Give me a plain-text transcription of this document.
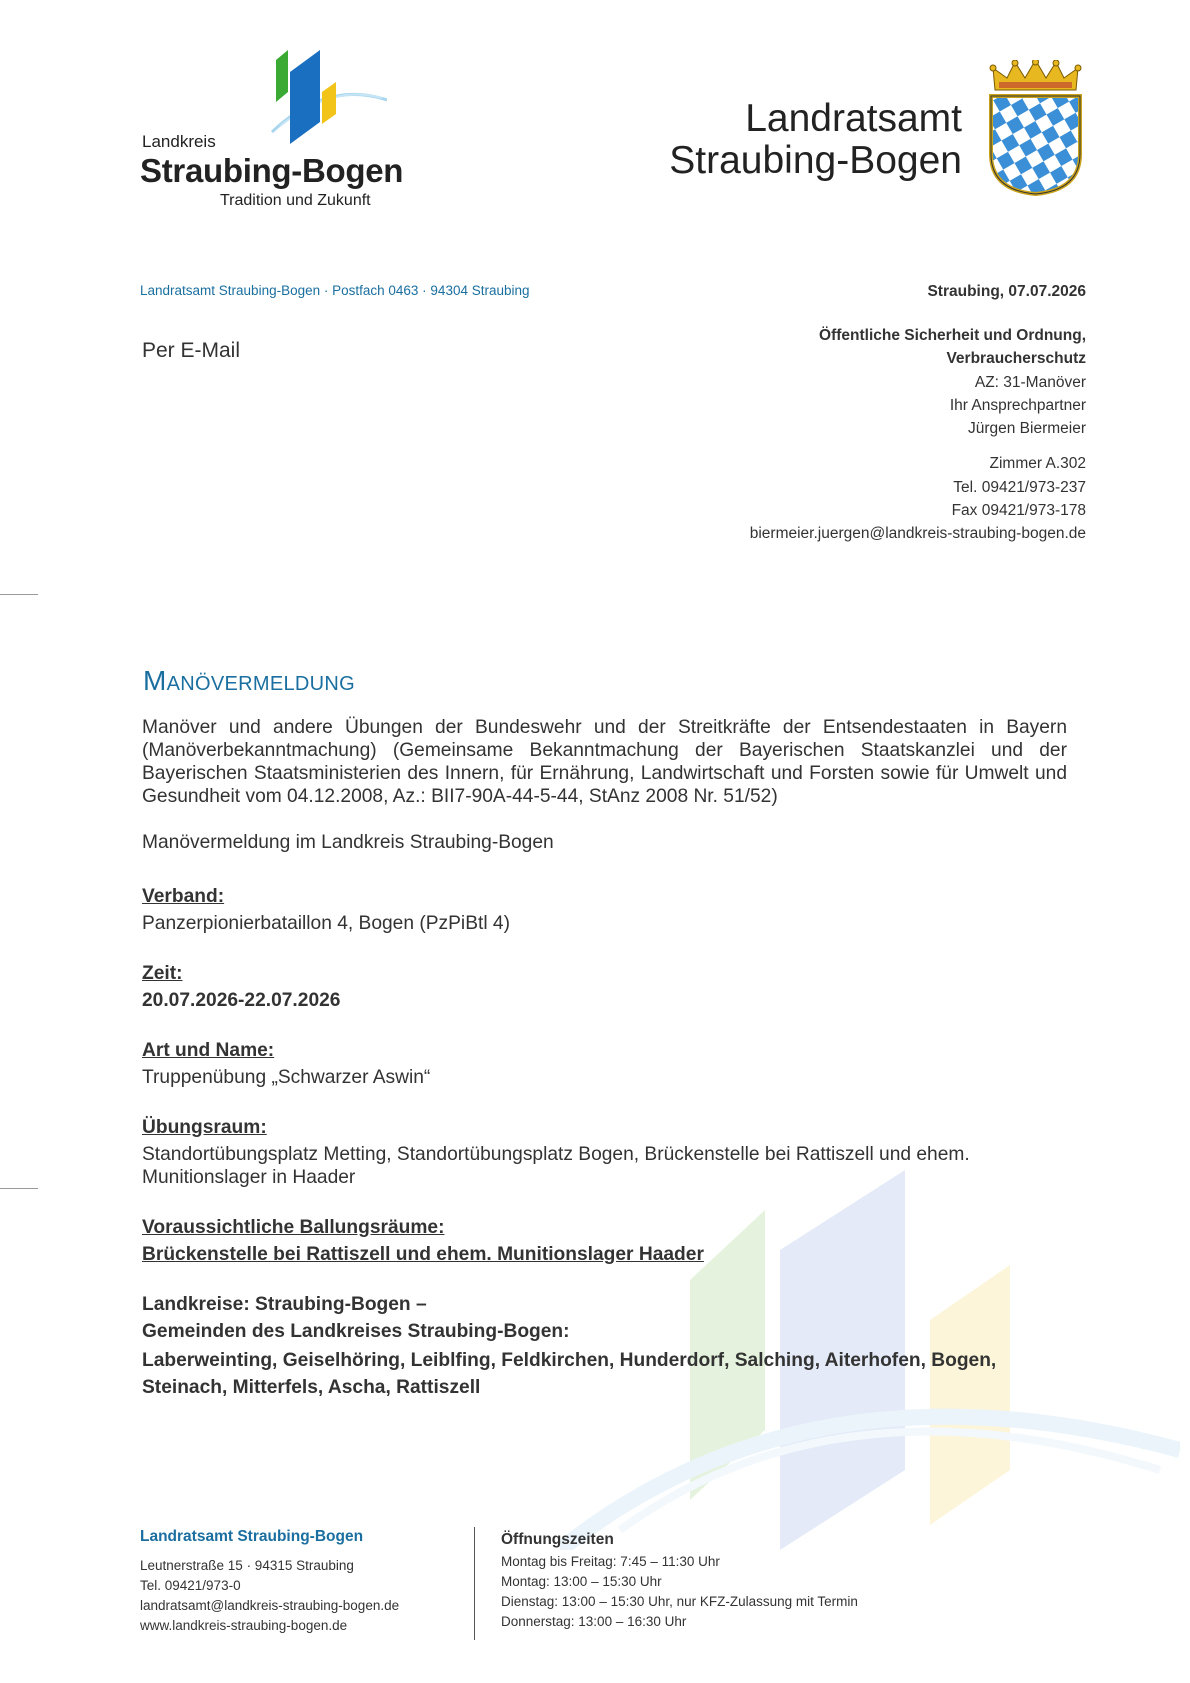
Landkreis
Straubing-Bogen
Tradition und Zukunft
Landratsamt
Straubing-Bogen
Landratsamt Straubing-Bogen · Postfach 0463 · 94304 Straubing	Straubing, 07.07.2026
Per E-Mail
Öffentliche Sicherheit und Ordnung,
Verbraucherschutz
AZ: 31-Manöver
Ihr Ansprechpartner
Jürgen Biermeier
Zimmer A.302
Tel. 09421/973-237
Fax 09421/973-178
biermeier.juergen@landkreis-straubing-bogen.de
Manövermeldung

Manöver und andere Übungen der Bundeswehr und der Streitkräfte der Entsendestaaten in Bayern (Manöverbekanntmachung) (Gemeinsame Bekanntmachung der Bayerischen Staatskanzlei und der Bayerischen Staatsministerien des Innern, für Ernährung, Landwirtschaft und Forsten sowie für Umwelt und Gesundheit vom 04.12.2008, Az.: BII7-90A-44-5-44, StAnz 2008 Nr. 51/52)

Manövermeldung im Landkreis Straubing-Bogen
Verband:
Panzerpionierbataillon 4, Bogen (PzPiBtl 4)
Zeit:
20.07.2026-22.07.2026
Art und Name:
Truppenübung „Schwarzer Aswin“
Übungsraum:
Standortübungsplatz Metting, Standortübungsplatz Bogen, Brückenstelle bei Rattiszell und ehem. Munitionslager in Haader
Voraussichtliche Ballungsräume:
Brückenstelle bei Rattiszell und ehem. Munitionslager Haader
Landkreise: Straubing-Bogen –
Gemeinden des Landkreises Straubing-Bogen:
Laberweinting, Geiselhöring, Leiblfing, Feldkirchen, Hunderdorf, Salching, Aiterhofen, Bogen, Steinach, Mitterfels, Ascha, Rattiszell
Landratsamt Straubing-Bogen
Leutnerstraße 15 · 94315 Straubing
Tel. 09421/973-0
landratsamt@landkreis-straubing-bogen.de
www.landkreis-straubing-bogen.de
Öffnungszeiten
Montag bis Freitag: 7:45 – 11:30 Uhr
Montag: 13:00 – 15:30 Uhr
Dienstag: 13:00 – 15:30 Uhr, nur KFZ-Zulassung mit Termin
Donnerstag: 13:00 – 16:30 Uhr
